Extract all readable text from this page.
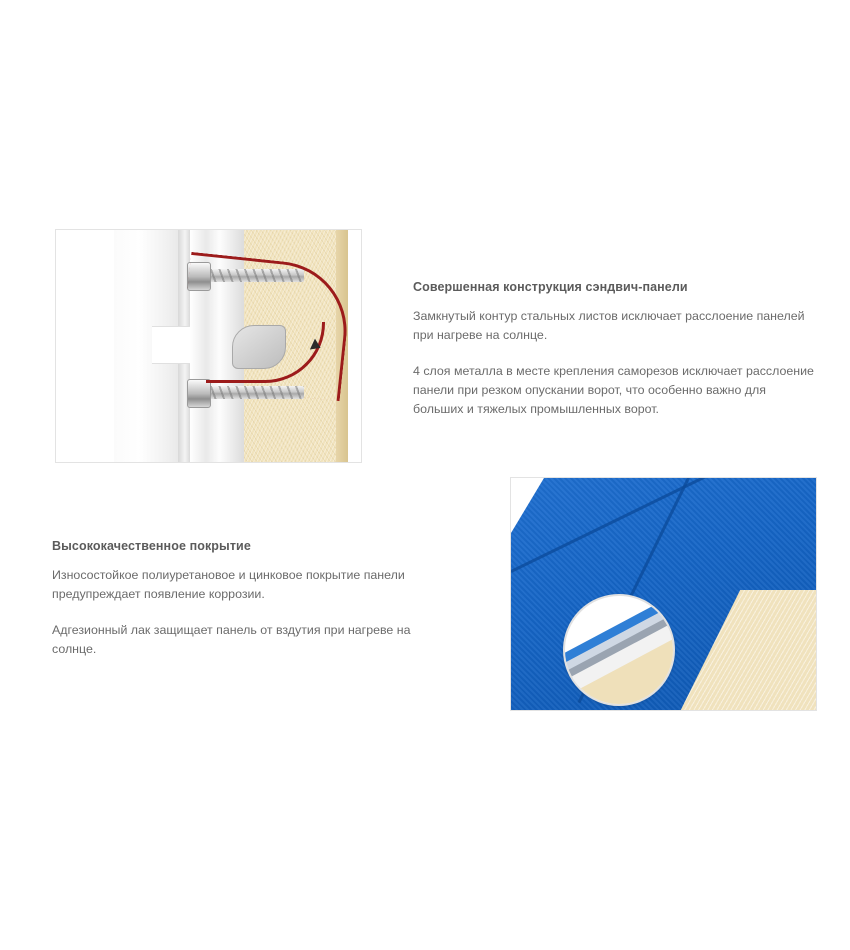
Совершенная конструкция сэндвич-панели

Замкнутый контур стальных листов исключает расслоение панелей при нагреве на солнце.

4 слоя металла в месте крепления саморезов исключает расслоение панели при резком опускании ворот, что особенно важно для больших и тяжелых промышленных ворот.

Высококачественное покрытие

Износостойкое полиуретановое и цинковое покрытие панели предупреждает появление коррозии.

Адгезионный лак защищает панель от вздутия при нагреве на солнце.
